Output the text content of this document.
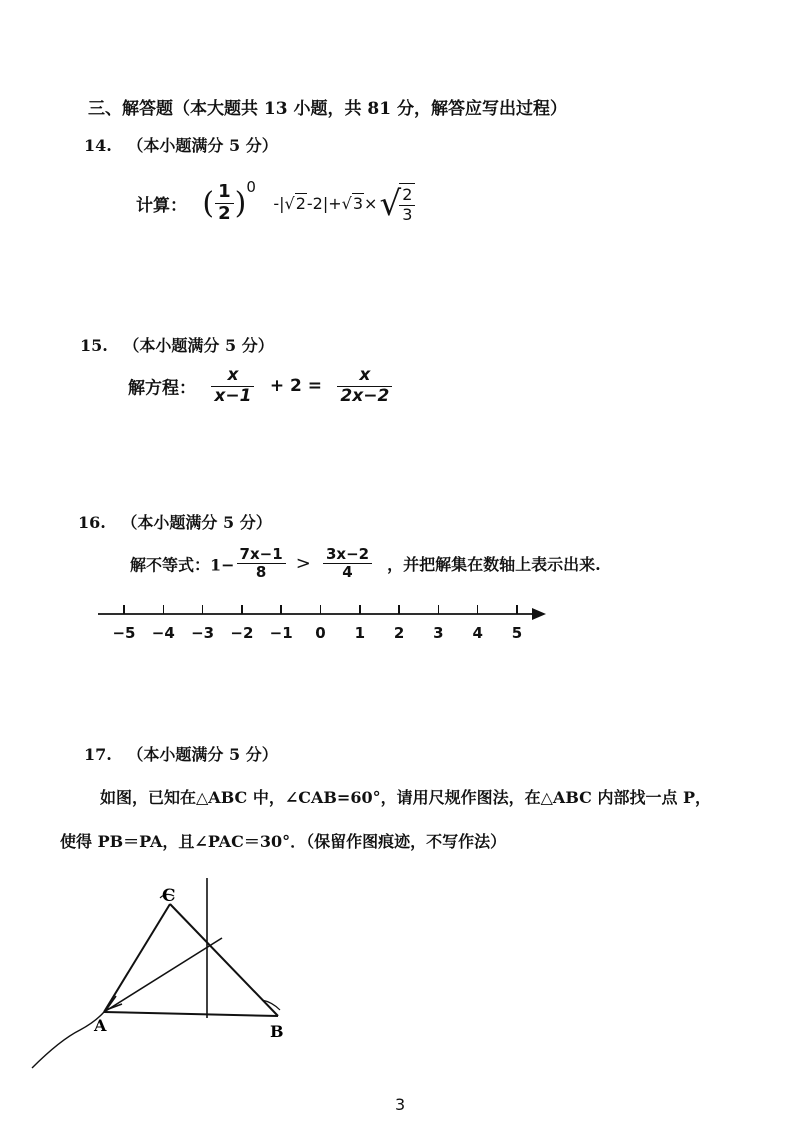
三、解答题（本大题共 13 小题，共 81 分，解答应写出过程）
14. （本小题满分 5 分）
计算： ( $\frac{1}{2} )^0$ -|√2-2|+√3× √
$\frac{2}{3}$
15. （本小题满分 5 分）
解方程： $\frac{x}{x-1} + 2 = \frac{x}{2x-2}$
16. （本小题满分 5 分）
解不等式：$1- \frac{7x-1}{8} > \frac{3x-2}{4}$ ，并把解集在数轴上表示出来.
−5 −4 −3 −2 −1	0	1	2	3	4	5
17. （本小题满分 5 分）
如图，已知在△ABC 中，∠CAB=60°，请用尺规作图法，在△ABC 内部找一点 P，
使得 PB＝PA，且∠PAC＝30°．（保留作图痕迹，不写作法）
C
A	B
3
